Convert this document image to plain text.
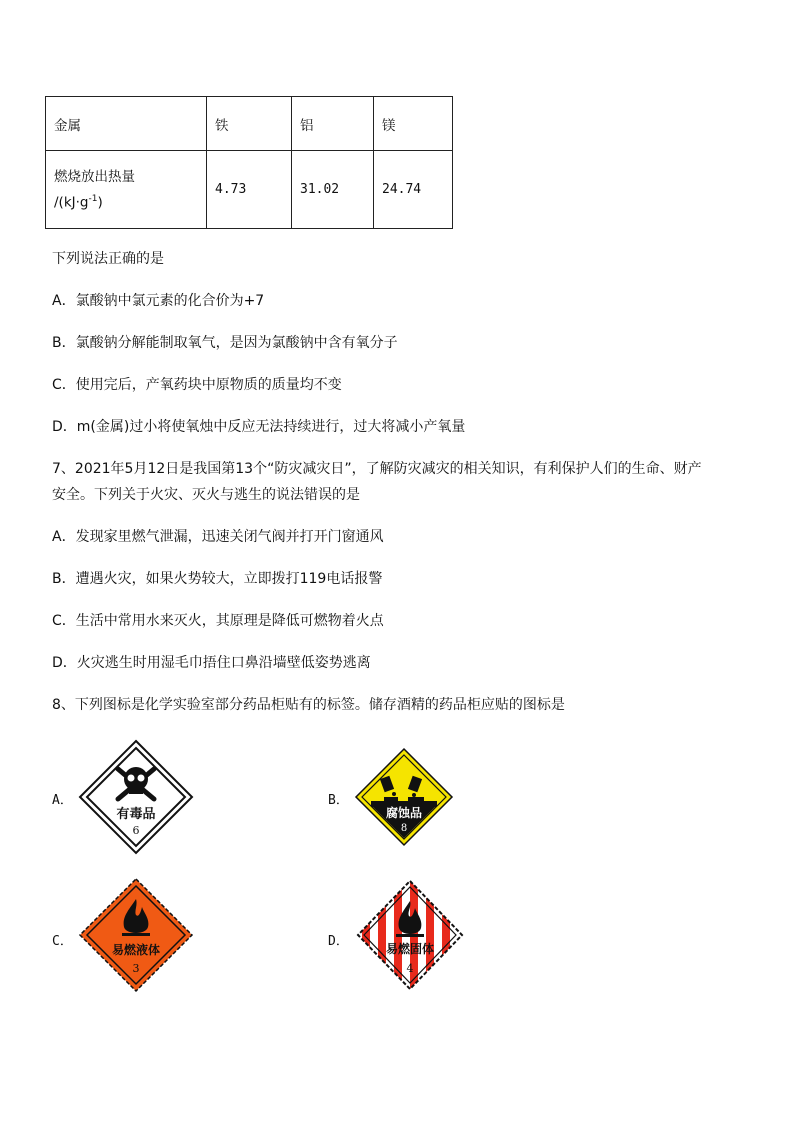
金属	铁	铝	镁

燃烧放出热量
$/(kJ\cdot g^{-1})$	4.73	31.02	24.74
下列说法正确的是
A．氯酸钠中氯元素的化合价为+7
B．氯酸钠分解能制取氧气，是因为氯酸钠中含有氧分子
C．使用完后，产氧药块中原物质的质量均不变
D．m(金属)过小将使氧烛中反应无法持续进行，过大将减小产氧量
7、2021年5月12日是我国第13个“防灾减灾日”，了解防灾减灾的相关知识，有利保护人们的生命、财产
安全。下列关于火灾、灭火与逃生的说法错误的是
A．发现家里燃气泄漏，迅速关闭气阀并打开门窗通风
B．遭遇火灾，如果火势较大，立即拨打119电话报警
C．生活中常用水来灭火，其原理是降低可燃物着火点
D．火灾逃生时用湿毛巾捂住口鼻沿墙壁低姿势逃离
8、下列图标是化学实验室部分药品柜贴有的标签。储存酒精的药品柜应贴的图标是
A．
有毒品
6
B．
腐蚀品
8
C．
易燃液体
3
D．	易燃固体
4
